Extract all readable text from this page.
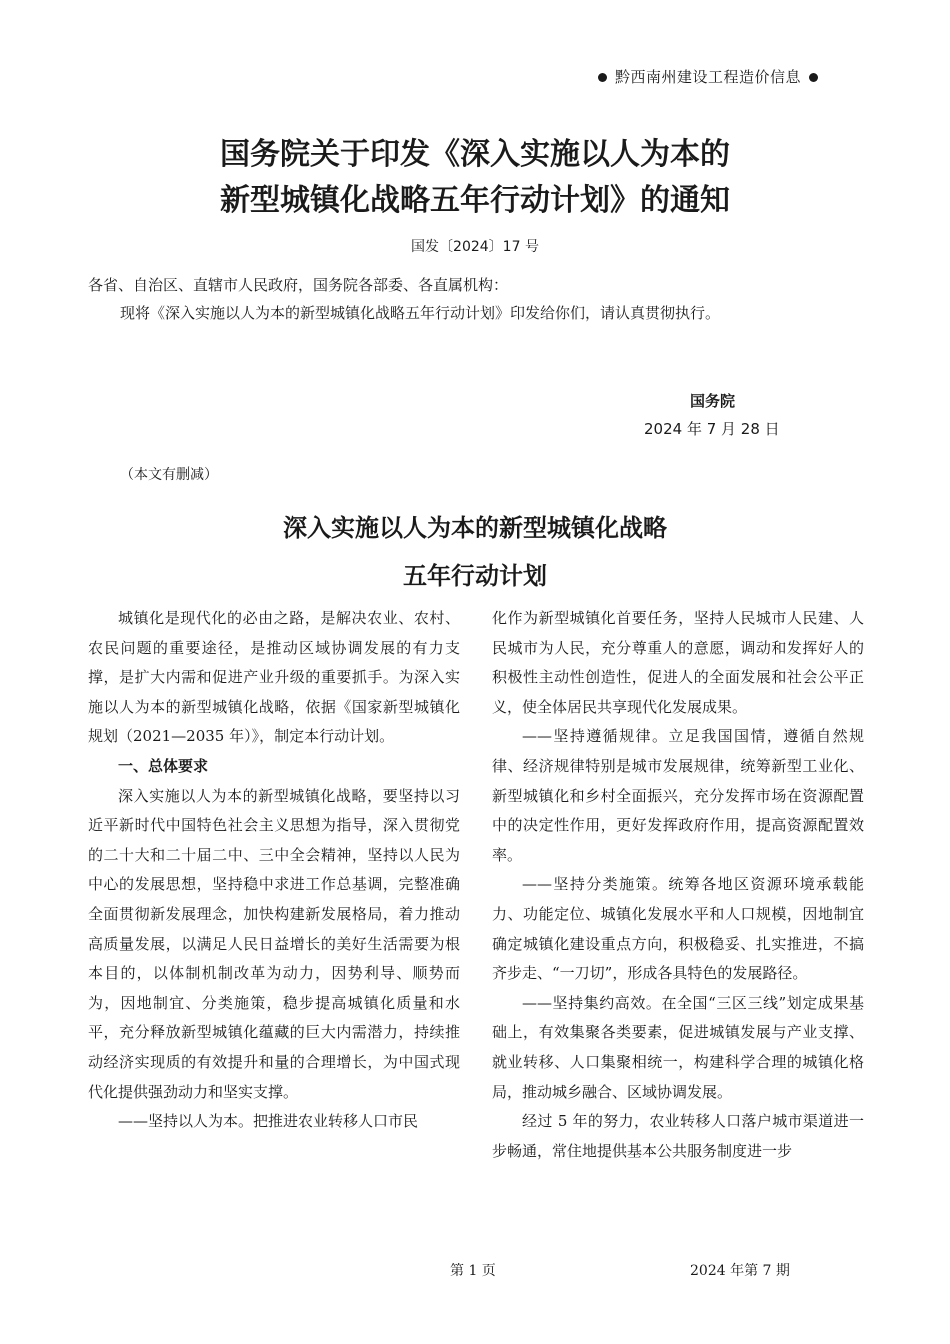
黔西南州建设工程造价信息
国务院关于印发《深入实施以人为本的
新型城镇化战略五年行动计划》的通知
国发〔2024〕17 号
各省、自治区、直辖市人民政府，国务院各部委、各直属机构：
现将《深入实施以人为本的新型城镇化战略五年行动计划》印发给你们，请认真贯彻执行。
国务院
2024 年 7 月 28 日
（本文有删减）
深入实施以人为本的新型城镇化战略
五年行动计划

城镇化是现代化的必由之路，是解决农业、农村、农民问题的重要途径，是推动区域协调发展的有力支撑，是扩大内需和促进产业升级的重要抓手。为深入实施以人为本的新型城镇化战略，依据《国家新型城镇化规划（2021—2035 年）》，制定本行动计划。

一、总体要求

深入实施以人为本的新型城镇化战略，要坚持以习近平新时代中国特色社会主义思想为指导，深入贯彻党的二十大和二十届二中、三中全会精神，坚持以人民为中心的发展思想，坚持稳中求进工作总基调，完整准确全面贯彻新发展理念，加快构建新发展格局，着力推动高质量发展，以满足人民日益增长的美好生活需要为根本目的，以体制机制改革为动力，因势利导、顺势而为，因地制宜、分类施策，稳步提高城镇化质量和水平，充分释放新型城镇化蕴藏的巨大内需潜力，持续推动经济实现质的有效提升和量的合理增长，为中国式现代化提供强劲动力和坚实支撑。

——坚持以人为本。把推进农业转移人口市民

化作为新型城镇化首要任务，坚持人民城市人民建、人民城市为人民，充分尊重人的意愿，调动和发挥好人的积极性主动性创造性，促进人的全面发展和社会公平正义，使全体居民共享现代化发展成果。

——坚持遵循规律。立足我国国情，遵循自然规律、经济规律特别是城市发展规律，统筹新型工业化、新型城镇化和乡村全面振兴，充分发挥市场在资源配置中的决定性作用，更好发挥政府作用，提高资源配置效率。

——坚持分类施策。统筹各地区资源环境承载能力、功能定位、城镇化发展水平和人口规模，因地制宜确定城镇化建设重点方向，积极稳妥、扎实推进，不搞齐步走、“一刀切”，形成各具特色的发展路径。

——坚持集约高效。在全国“三区三线”划定成果基础上，有效集聚各类要素，促进城镇发展与产业支撑、就业转移、人口集聚相统一，构建科学合理的城镇化格局，推动城乡融合、区域协调发展。

经过 5 年的努力，农业转移人口落户城市渠道进一步畅通，常住地提供基本公共服务制度进一步

第 1 页	2024 年第 7 期
